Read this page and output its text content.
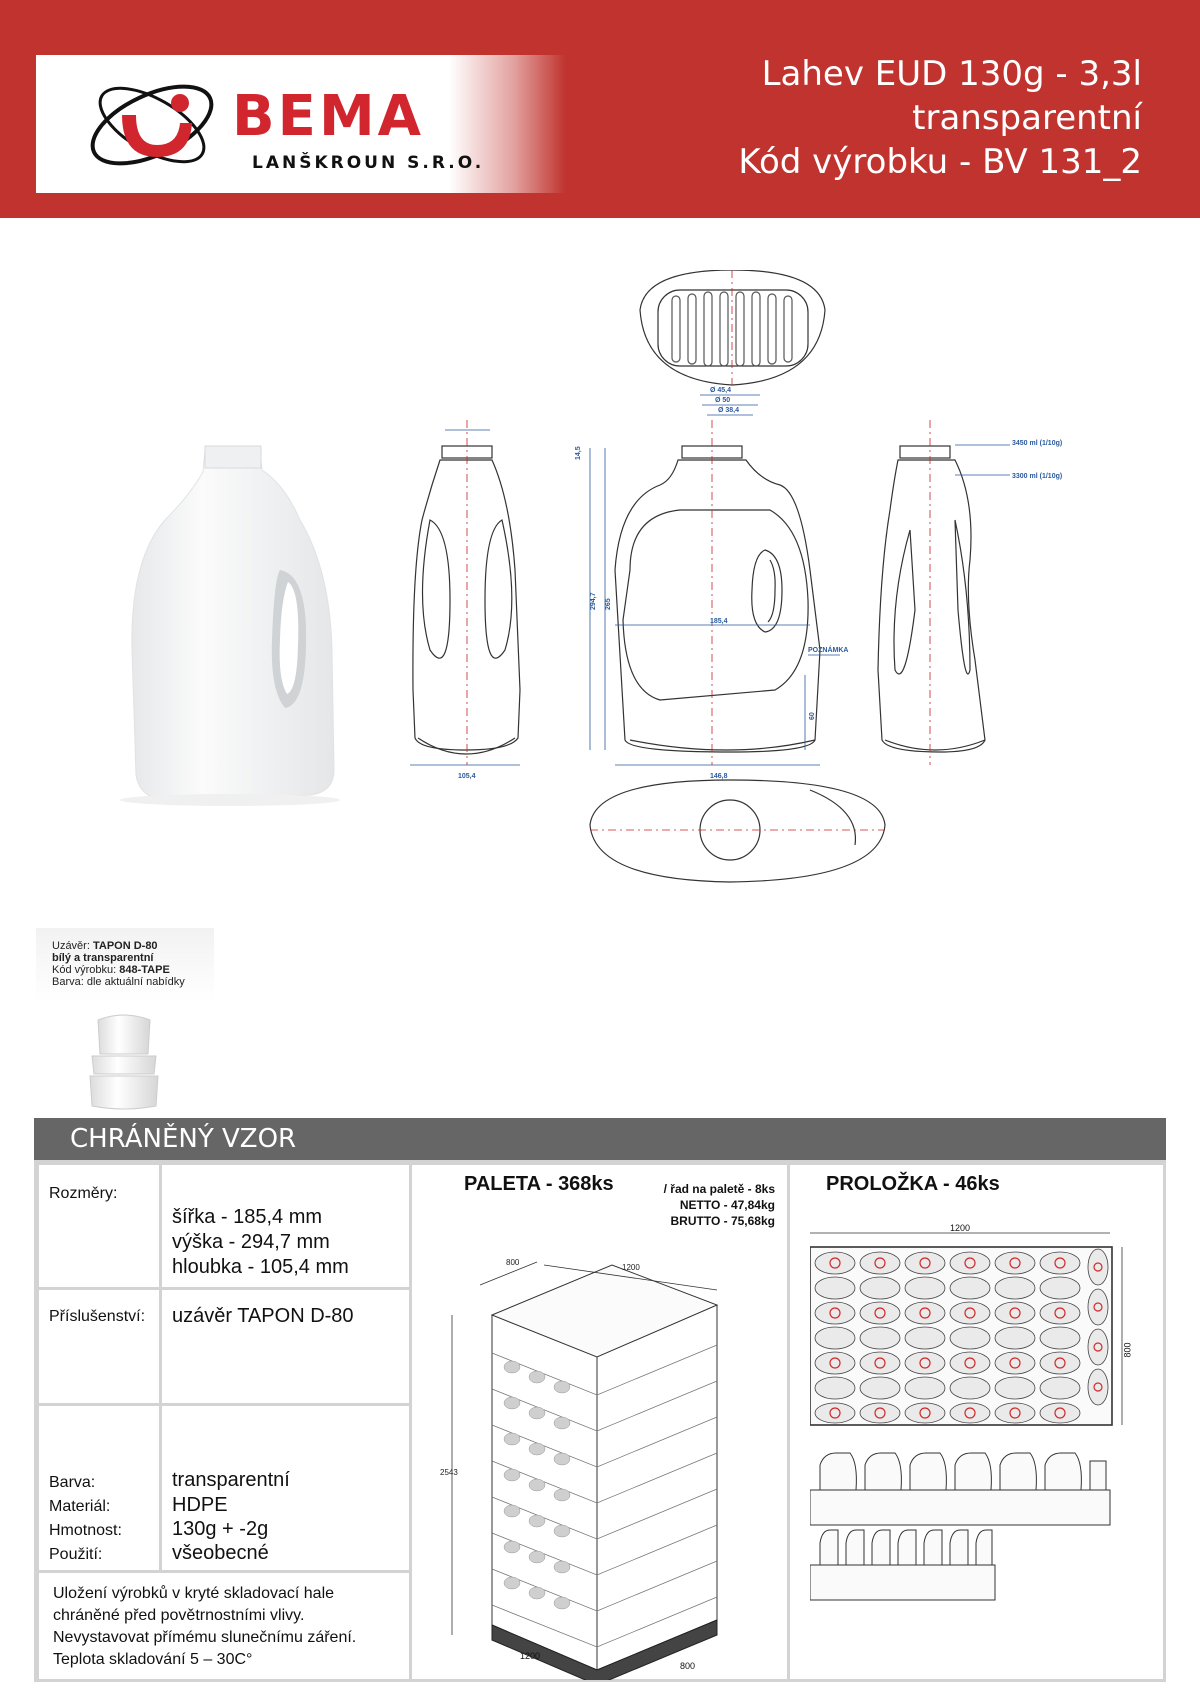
BEMA
LANŠKROUN S.R.O.
Lahev EUD 130g - 3,3l
transparentní
Kód výrobku - BV 131_2
105,4	146,8
294,7
185,4
3450 ml (1/10g)
3300 ml (1/10g)
POZNÁMKA
Ø 45,4
Ø 50
Ø 38,4
14,5
265
60
Uzávěr: TAPON D-80
bílý a transparentní
Kód výrobku: 848-TAPE
Barva: dle aktuální nabídky
CHRÁNĚNÝ VZOR
Rozměry:
šířka - 185,4 mm
výška - 294,7 mm
hloubka - 105,4 mm
Příslušenství: uzávěr TAPON D-80
Barva:
Materiál:
Hmotnost:
Použití:
transparentní
HDPE
130g + -2g
všeobecné
Uložení výrobků v kryté skladovací hale
chráněné před povětrnostními vlivy.
Nevystavovat přímému slunečnímu záření.
Teplota skladování 5 – 30C°
PALETA - 368ks	/ řad na paletě - 8ks
NETTO - 47,84kg
BRUTTO - 75,68kg
800
1200
2543
1200
800
PROLOŽKA - 46ks
1200
800
